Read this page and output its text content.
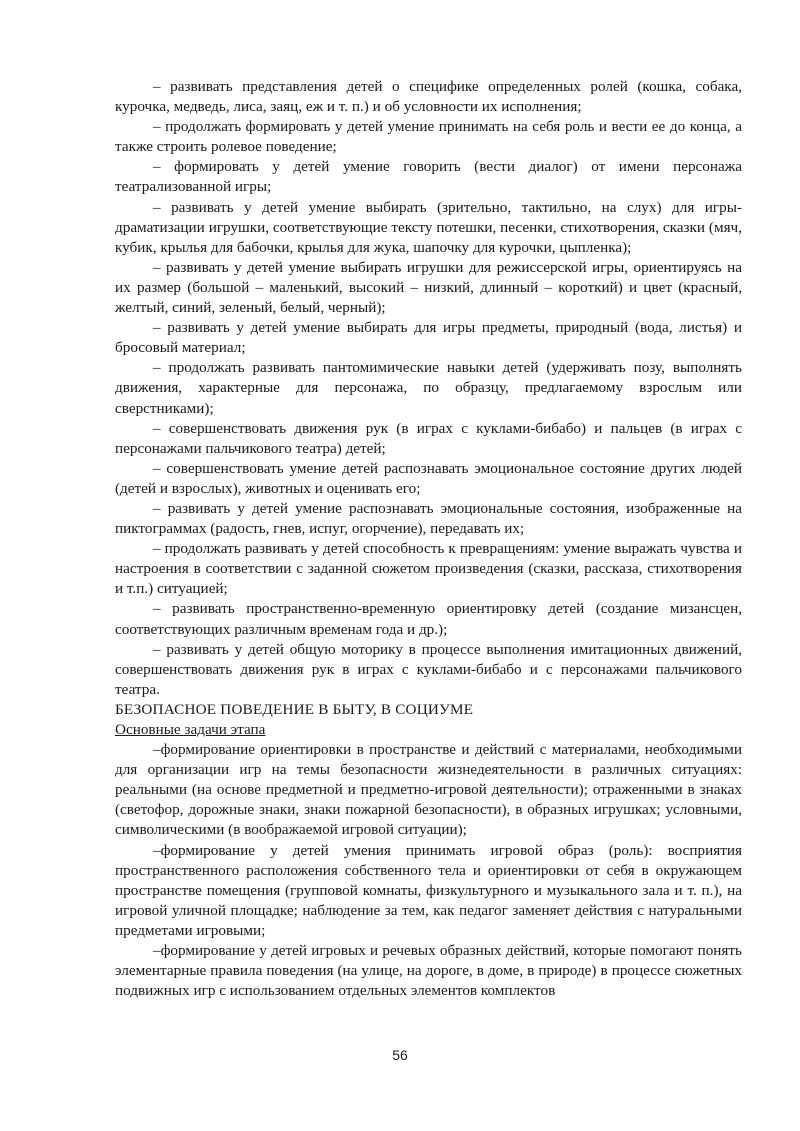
– развивать представления детей о специфике определенных ролей (кошка, собака, курочка, медведь, лиса, заяц, еж и т. п.) и об условности их исполнения;

– продолжать формировать у детей умение принимать на себя роль и вести ее до конца, а также строить ролевое поведение;

– формировать у детей умение говорить (вести диалог) от имени персонажа театрализованной игры;

– развивать у детей умение выбирать (зрительно, тактильно, на слух) для игры-драматизации игрушки, соответствующие тексту потешки, песенки, стихотворения, сказки (мяч, кубик, крылья для бабочки, крылья для жука, шапочку для курочки, цыпленка);

– развивать у детей умение выбирать игрушки для режиссерской игры, ориентируясь на их размер (большой – маленький, высокий – низкий, длинный – короткий) и цвет (красный, желтый, синий, зеленый, белый, черный);

– развивать у детей умение выбирать для игры предметы, природный (вода, листья) и бросовый материал;

– продолжать развивать пантомимические навыки детей (удерживать позу, выполнять движения, характерные для персонажа, по образцу, предлагаемому взрослым или сверстниками);

– совершенствовать движения рук (в играх с куклами-бибабо) и пальцев (в играх с персонажами пальчикового театра) детей;

– совершенствовать умение детей распознавать эмоциональное состояние других людей (детей и взрослых), животных и оценивать его;

– развивать у детей умение распознавать эмоциональные состояния, изображенные на пиктограммах (радость, гнев, испуг, огорчение), передавать их;

– продолжать развивать у детей способность к превращениям: умение выражать чувства и настроения в соответствии с заданной сюжетом произведения (сказки, рассказа, стихотворения и т.п.) ситуацией;

– развивать пространственно-временную ориентировку детей (создание мизансцен, соответствующих различным временам года и др.);

– развивать у детей общую моторику в процессе выполнения имитационных движений, совершенствовать движения рук в играх с куклами-бибабо и с персонажами пальчикового театра.

БЕЗОПАСНОЕ ПОВЕДЕНИЕ В БЫТУ, В СОЦИУМЕ

Основные задачи этапа

–формирование ориентировки в пространстве и действий с материалами, необходимыми для организации игр на темы безопасности жизнедеятельности в различных ситуациях: реальными (на основе предметной и предметно-игровой деятельности); отраженными в знаках (светофор, дорожные знаки, знаки пожарной безопасности), в образных игрушках; условными, символическими (в воображаемой игровой ситуации);

–формирование у детей умения принимать игровой образ (роль): восприятия пространственного расположения собственного тела и ориентировки от себя в окружающем пространстве помещения (групповой комнаты, физкультурного и музыкального зала и т. п.), на игровой уличной площадке; наблюдение за тем, как педагог заменяет действия с натуральными предметами игровыми;

–формирование у детей игровых и речевых образных действий, которые помогают понять элементарные правила поведения (на улице, на дороге, в доме, в природе) в процессе сюжетных подвижных игр с использованием отдельных элементов комплектов

56
